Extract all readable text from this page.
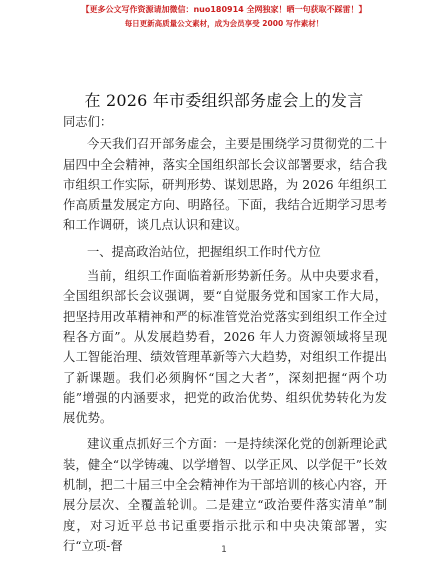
【更多公文写作资源请加微信：nuo180914 全网独家！晒一句获取不踩雷！】
每日更新高质量公文素材，成为会员享受 2000 写作素材！
在 2026 年市委组织部务虚会上的发言

同志们：

今天我们召开部务虚会，主要是围绕学习贯彻党的二十届四中全会精神，落实全国组织部长会议部署要求，结合我市组织工作实际，研判形势、谋划思路，为 2026 年组织工作高质量发展定方向、明路径。下面，我结合近期学习思考和工作调研，谈几点认识和建议。

一、提高政治站位，把握组织工作时代方位

当前，组织工作面临着新形势新任务。从中央要求看，全国组织部长会议强调，要“自觉服务党和国家工作大局，把坚持用改革精神和严的标准管党治党落实到组织工作全过程各方面”。从发展趋势看，2026 年人力资源领域将呈现人工智能治理、绩效管理革新等六大趋势，对组织工作提出了新课题。我们必须胸怀“国之大者”，深刻把握“两个功能”增强的内涵要求，把党的政治优势、组织优势转化为发展优势。

建议重点抓好三个方面：一是持续深化党的创新理论武装，健全“以学铸魂、以学增智、以学正风、以学促干”长效机制，把二十届三中全会精神作为干部培训的核心内容，开展分层次、全覆盖轮训。二是建立“政治要件落实清单”制度，对习近平总书记重要指示批示和中央决策部署，实行“立项-督	1
